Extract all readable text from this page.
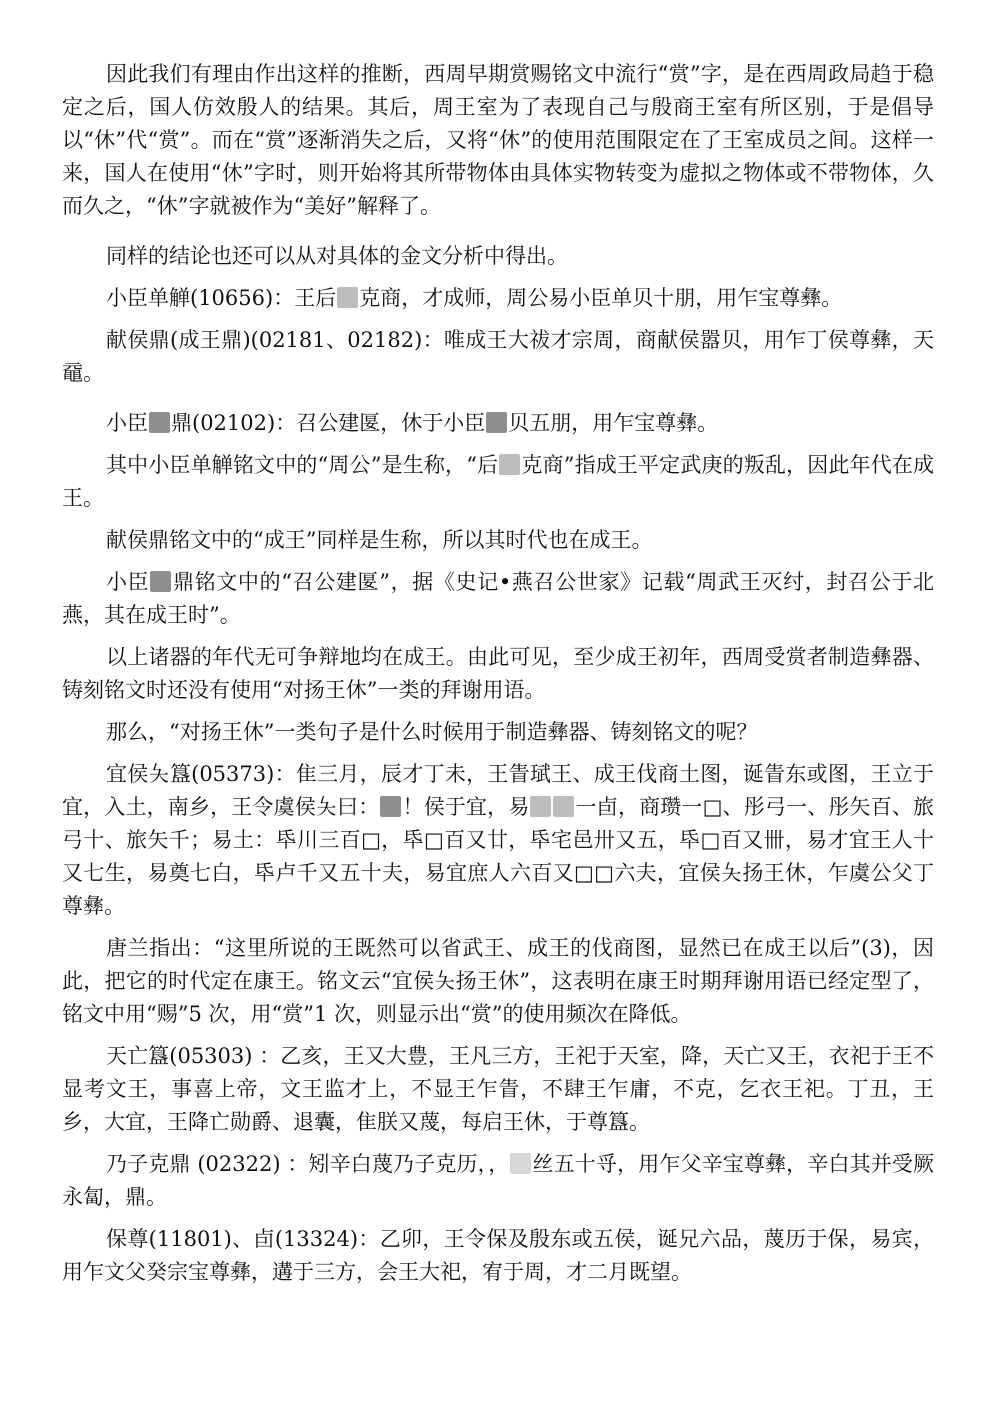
因此我们有理由作出这样的推断，西周早期赏赐铭文中流行“赏”字，是在西周政局趋于稳定之后，国人仿效殷人的结果。其后，周王室为了表现自己与殷商王室有所区别，于是倡导以“休”代“赏”。而在“赏”逐渐消失之后，又将“休”的使用范围限定在了王室成员之间。这样一来，国人在使用“休”字时，则开始将其所带物体由具体实物转变为虚拟之物体或不带物体，久而久之，“休”字就被作为“美好”解释了。

同样的结论也还可以从对具体的金文分析中得出。

小臣单觯(10656)：王后 克商，才成师，周公易小臣单贝十朋，用乍宝尊彝。

献侯鼎(成王鼎)(02181、02182)：唯成王大祓才宗周，商献侯嚣贝，用乍丁侯尊彝，天黿。

小臣 鼎(02102)：召公建匽，休于小臣 贝五朋，用乍宝尊彝。

其中小臣单觯铭文中的“周公”是生称，“后 克商”指成王平定武庚的叛乱，因此年代在成王。

献侯鼎铭文中的“成王”同样是生称，所以其时代也在成王。

小臣 鼎铭文中的“召公建匽”，据《史记•燕召公世家》记载“周武王灭纣，封召公于北燕，其在成王时”。

以上诸器的年代无可争辩地均在成王。由此可见，至少成王初年，西周受赏者制造彝器、铸刻铭文时还没有使用“对扬王休”一类的拜谢用语。

那么，“对扬王休”一类句子是什么时候用于制造彝器、铸刻铭文的呢？

宜侯夨簋(05373)：隹三月，辰才丁未，王眚珷王、成王伐商土图，诞眚东或图，王立于宜，入土，南乡，王令虞侯夨曰： ！侯于宜，易 一卣，商瓒一□、彤弓一、彤矢百、旅弓十、旅矢千；易土：氒川三百□，氒□百又廿，氒宅邑卅又五，氒□百又卌，易才宜王人十又七生，易奠七白，氒卢千又五十夫，易宜庶人六百又□□六夫，宜侯夨扬王休，乍虞公父丁尊彝。

唐兰指出：“这里所说的王既然可以省武王、成王的伐商图，显然已在成王以后”(3)，因此，把它的时代定在康王。铭文云“宜侯夨扬王休”，这表明在康王时期拜谢用语已经定型了，铭文中用“赐”5 次，用“赏”1 次，则显示出“赏”的使用频次在降低。

天亡簋(05303) ：乙亥，王又大豊，王凡三方，王祀于天室，降，天亡又王，衣祀于王不显考文王，事喜上帝，文王监才上，不显王乍眚，不肆王乍庸，不克，乞衣王祀。丁丑，王乡，大宜，王降亡勋爵、退囊，隹朕又蔑，每启王休，于尊簋。

乃子克鼎 (02322) ：矧辛白蔑乃子克历，， 丝五十寽，用乍父辛宝尊彝，辛白其并受厥永匐，鼎。

保尊(11801)、卣(13324)：乙卯，王令保及殷东或五侯，诞兄六品，蔑历于保，易宾，用乍文父癸宗宝尊彝，遘于三方，会王大祀，宥于周，才二月既望。
